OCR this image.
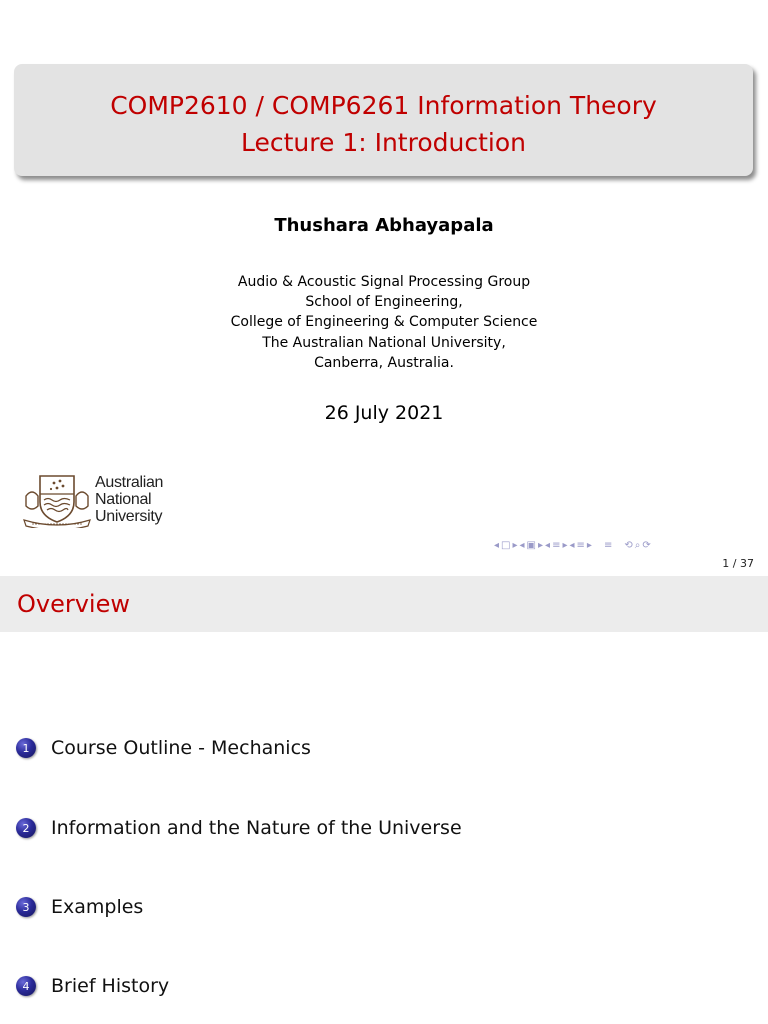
COMP2610 / COMP6261 Information Theory
Lecture 1: Introduction
Thushara Abhayapala
Audio & Acoustic Signal Processing Group
School of Engineering,
College of Engineering & Computer Science
The Australian National University,
Canberra, Australia.
26 July 2021
Australian
National
University
◂□▸◂▣▸◂≡▸◂≡▸ ≡ ⟲⌕⟳
1 / 37
Overview
1	Course Outline - Mechanics
2	Information and the Nature of the Universe
3	Examples
4	Brief History
